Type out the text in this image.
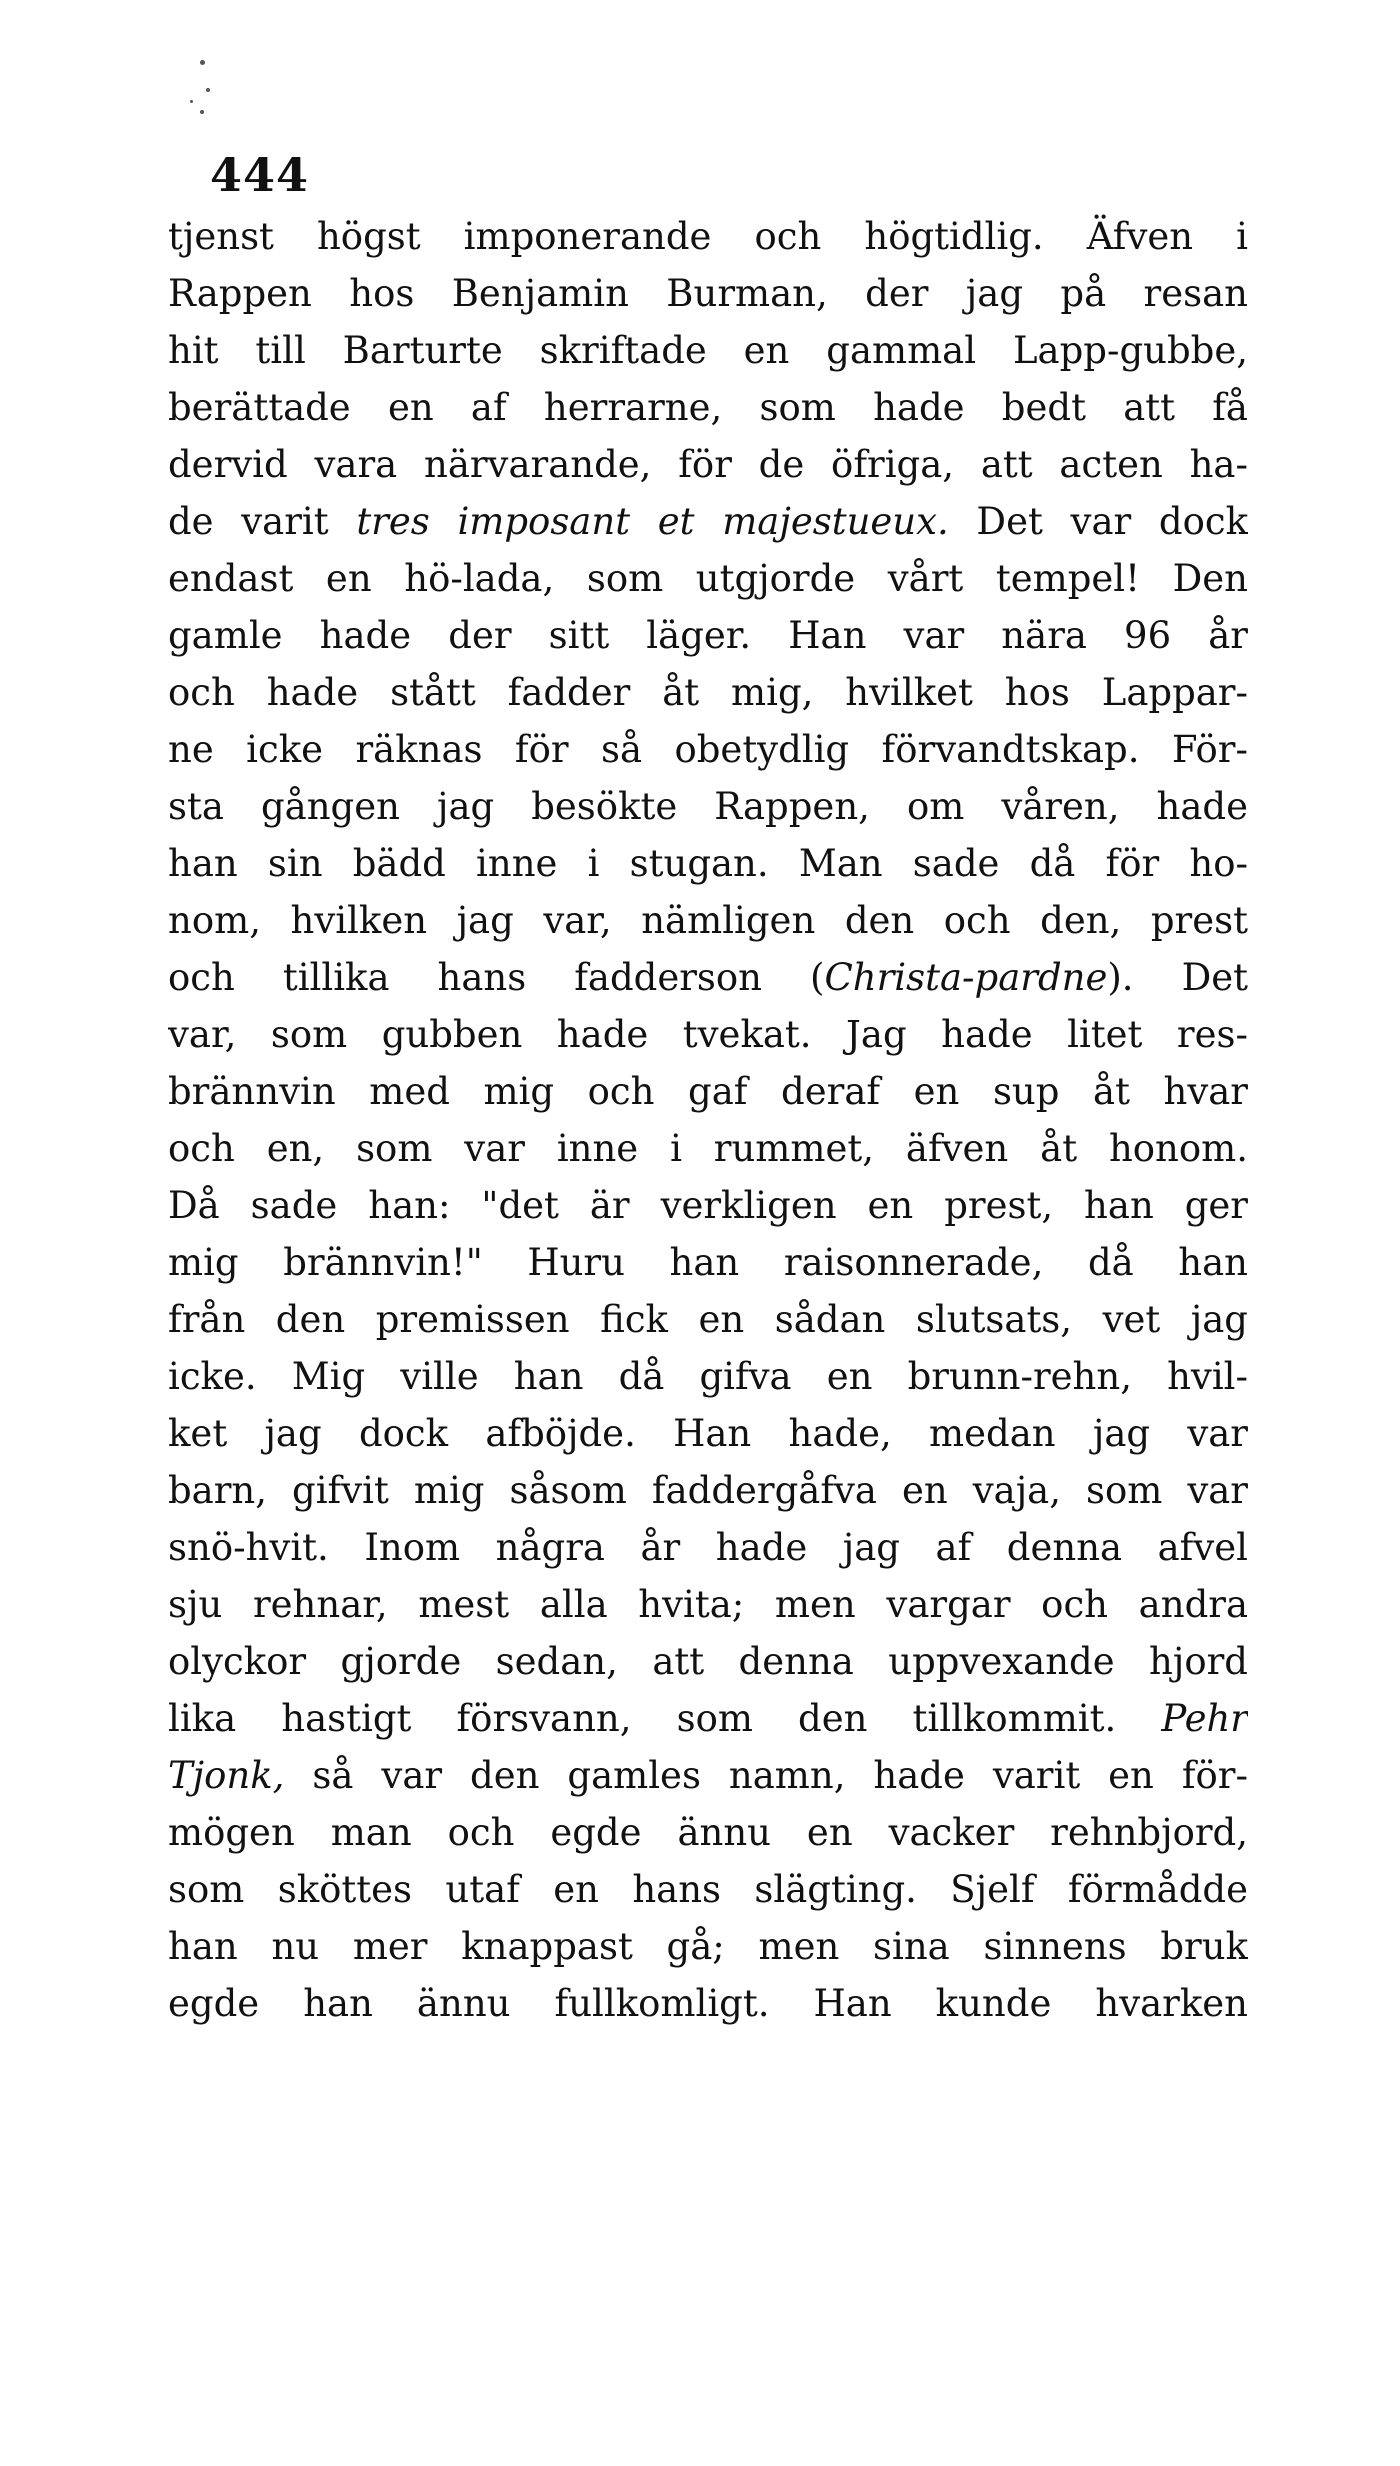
444
tjenst högst imponerande och högtidlig. Äfven i
Rappen hos Benjamin Burman, der jag på resan
hit till Barturte skriftade en gammal Lapp-gubbe,
berättade en af herrarne, som hade bedt att få
dervid vara närvarande, för de öfriga, att acten ha-
de varit tres imposant et majestueux. Det var dock
endast en hö-lada, som utgjorde vårt tempel! Den
gamle hade der sitt läger. Han var nära 96 år
och hade stått fadder åt mig, hvilket hos Lappar-
ne icke räknas för så obetydlig förvandtskap. För-
sta gången jag besökte Rappen, om våren, hade
han sin bädd inne i stugan. Man sade då för ho-
nom, hvilken jag var, nämligen den och den, prest
och tillika hans fadderson (Christa-pardne). Det
var, som gubben hade tvekat. Jag hade litet res-
brännvin med mig och gaf deraf en sup åt hvar
och en, som var inne i rummet, äfven åt honom.
Då sade han: "det är verkligen en prest, han ger
mig brännvin!" Huru han raisonnerade, då han
från den premissen fick en sådan slutsats, vet jag
icke. Mig ville han då gifva en brunn-rehn, hvil-
ket jag dock afböjde. Han hade, medan jag var
barn, gifvit mig såsom faddergåfva en vaja, som var
snö-hvit. Inom några år hade jag af denna afvel
sju rehnar, mest alla hvita; men vargar och andra
olyckor gjorde sedan, att denna uppvexande hjord
lika hastigt försvann, som den tillkommit. Pehr
Tjonk, så var den gamles namn, hade varit en för-
mögen man och egde ännu en vacker rehnbjord,
som sköttes utaf en hans slägting. Sjelf förmådde
han nu mer knappast gå; men sina sinnens bruk
egde han ännu fullkomligt. Han kunde hvarken
